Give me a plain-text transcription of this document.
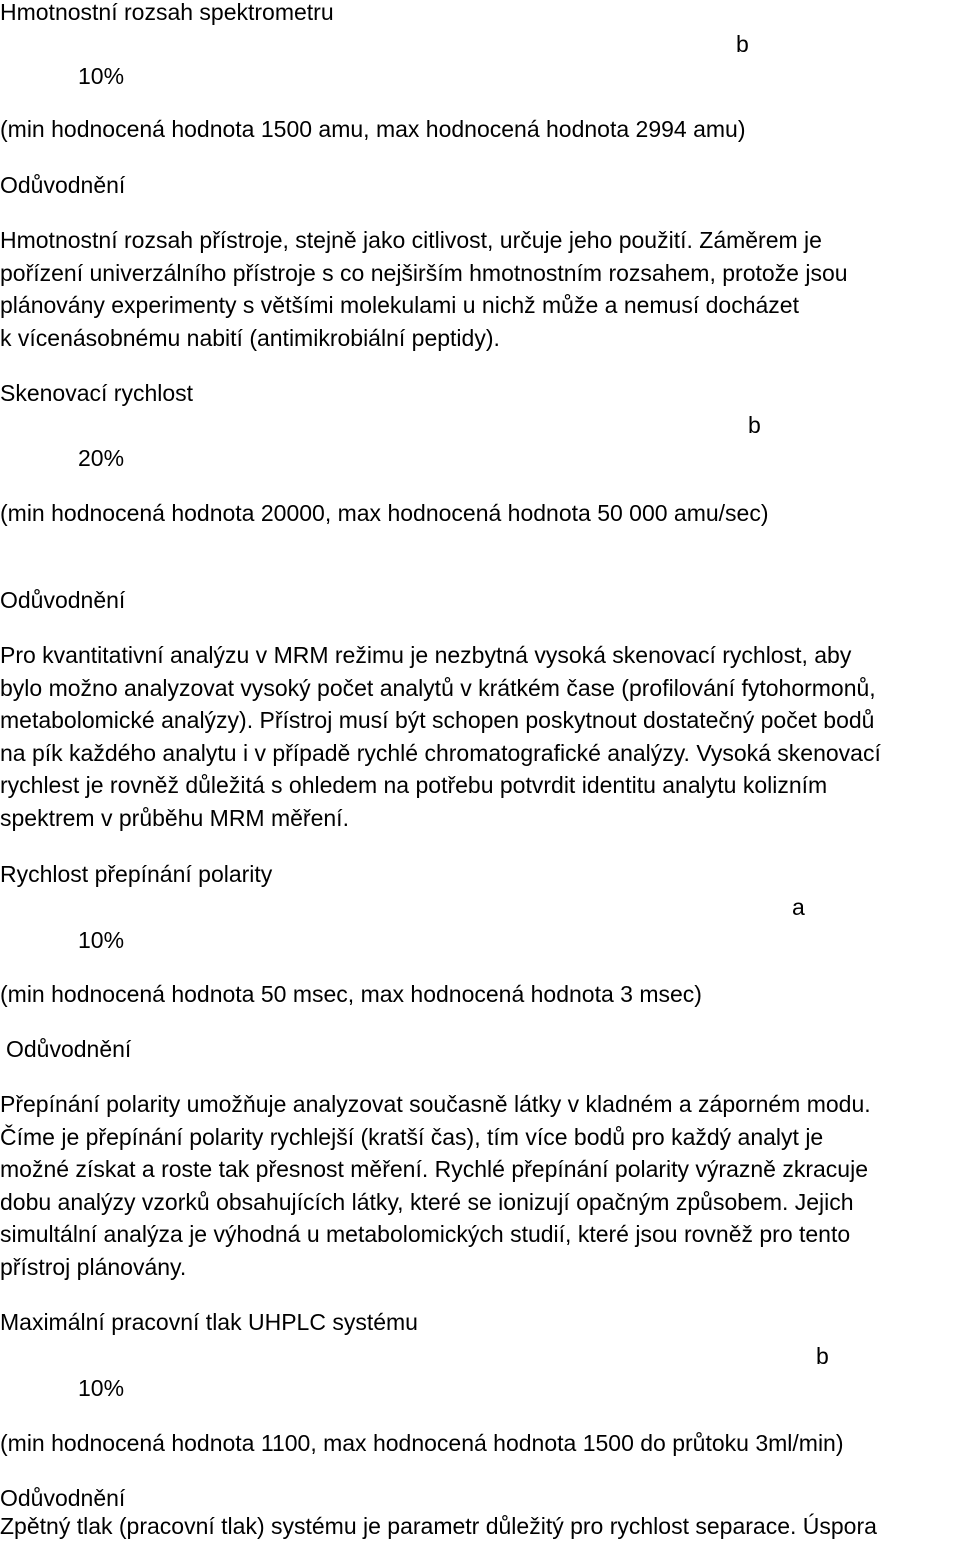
Hmotnostní rozsah spektrometru
b
10%
(min hodnocená hodnota 1500 amu, max hodnocená hodnota 2994 amu)
Odůvodnění
Hmotnostní rozsah přístroje, stejně jako citlivost, určuje jeho použití. Záměrem je
pořízení univerzálního přístroje s co nejširším hmotnostním rozsahem, protože jsou
plánovány experimenty s většími molekulami u nichž může a nemusí docházet
k vícenásobnému nabití (antimikrobiální peptidy).
Skenovací rychlost
b
20%
(min hodnocená hodnota 20000, max hodnocená hodnota 50 000 amu/sec)
Odůvodnění
Pro kvantitativní analýzu v MRM režimu je nezbytná vysoká skenovací rychlost, aby
bylo možno analyzovat vysoký počet analytů v krátkém čase (profilování fytohormonů,
metabolomické analýzy). Přístroj musí být schopen poskytnout dostatečný počet bodů
na pík každého analytu i v případě rychlé chromatografické analýzy. Vysoká skenovací
rychlest je rovněž důležitá s ohledem na potřebu potvrdit identitu analytu kolizním
spektrem v průběhu MRM měření.
Rychlost přepínání polarity
a
10%
(min hodnocená hodnota 50 msec, max hodnocená hodnota 3 msec)
Odůvodnění
Přepínání polarity umožňuje analyzovat současně látky v kladném a záporném modu.
Číme je přepínání polarity rychlejší (kratší čas), tím více bodů pro každý analyt je
možné získat a roste tak přesnost měření. Rychlé přepínání polarity výrazně zkracuje
dobu analýzy vzorků obsahujících látky, které se ionizují opačným způsobem. Jejich
simultální analýza je výhodná u metabolomických studií, které jsou rovněž pro tento
přístroj plánovány.
Maximální pracovní tlak UHPLC systému
b
10%
(min hodnocená hodnota 1100, max hodnocená hodnota 1500 do průtoku 3ml/min)
Odůvodnění
Zpětný tlak (pracovní tlak) systému je parametr důležitý pro rychlost separace. Úspora
